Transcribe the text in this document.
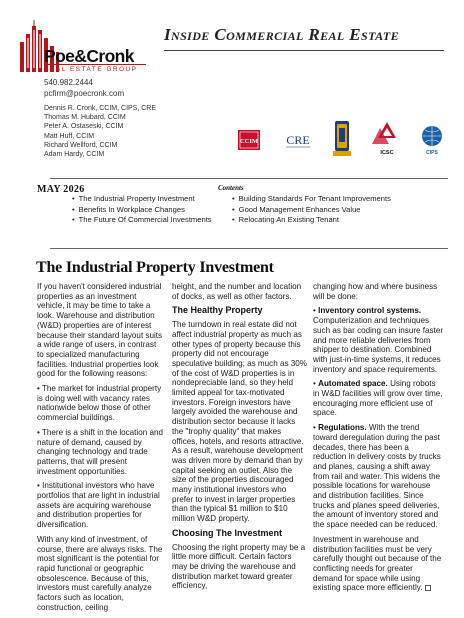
Poe&Cronk
REAL ESTATE GROUP
Inside Commercial Real Estate
540.982.2444
pcfirm@poecronk.com
Dennis R. Cronk, CCIM, CIPS, CRE
Thomas M. Hubard, CCIM
Peter A. Ostaseski, CCIM
Matt Huff, CCIM
Richard Wellford, CCIM
Adam Hardy, CCIM
CCIM CRE
ICSC	CIPS
MAY 2026	Contents
• The Industrial Property Investment
• Benefits In Workplace Changes
• The Future Of Commercial Investments
• Building Standards For Tenant Improvements
• Good Management Enhances Value
• Relocating An Existing Tenant
The Industrial Property Investment

If you haven't considered industrial properties as an investment vehicle, it may be time to take a look. Warehouse and distribution (W&D) properties are of interest because their standard layout suits a wide range of users, in contrast to specialized manufacturing facilities. Industrial properties look good for the following reasons:

• The market for industrial property is doing well with vacancy rates nationwide below those of other commercial buildings.

• There is a shift in the location and nature of demand, caused by changing technology and trade patterns, that will present investment opportunities.

• Institutional investors who have portfolios that are light in industrial assets are acquiring warehouse and distribution properties for diversification.

With any kind of investment, of course, there are always risks. The most significant is the potential for rapid functional or geographic obsolescence. Because of this, investors must carefully analyze factors such as location, construction, ceiling

height, and the number and location of docks, as well as other factors.

The Healthy Property

The turndown in real estate did not affect industrial property as much as other types of property because this property did not encourage speculative building; as much as 30% of the cost of W&D properties is in nondepreciable land, so they held limited appeal for tax-motivated investors. Foreign investors have largely avoided the warehouse and distribution sector because it lacks the "trophy quality" that makes offices, hotels, and resorts attractive. As a result, warehouse development was driven more by demand than by capital seeking an outlet. Also the size of the properties discouraged many institutional investors who prefer to invest in larger properties than the typical $1 million to $10 million W&D property.

Choosing The Investment

Choosing the right property may be a little more difficult. Certain factors may be driving the warehouse and distribution market toward greater efficiency,

changing how and where business will be done:

• Inventory control systems. Computerization and techniques such as bar coding can insure faster and more reliable deliveries from shipper to destination. Combined with just-in-time systems, it reduces inventory and space requirements.

• Automated space. Using robots in W&D facilities will grow over time, encouraging more efficient use of space.

• Regulations. With the trend toward deregulation during the past decades, there has been a reduction in delivery costs by trucks and planes, causing a shift away from rail and water. This widens the possible locations for warehouse and distribution facilities. Since trucks and planes speed deliveries, the amount of inventory stored and the space needed can be reduced.

Investment in warehouse and distribution facilities must be very carefully thought out because of the conflicting needs for greater demand for space while using existing space more efficiently.
